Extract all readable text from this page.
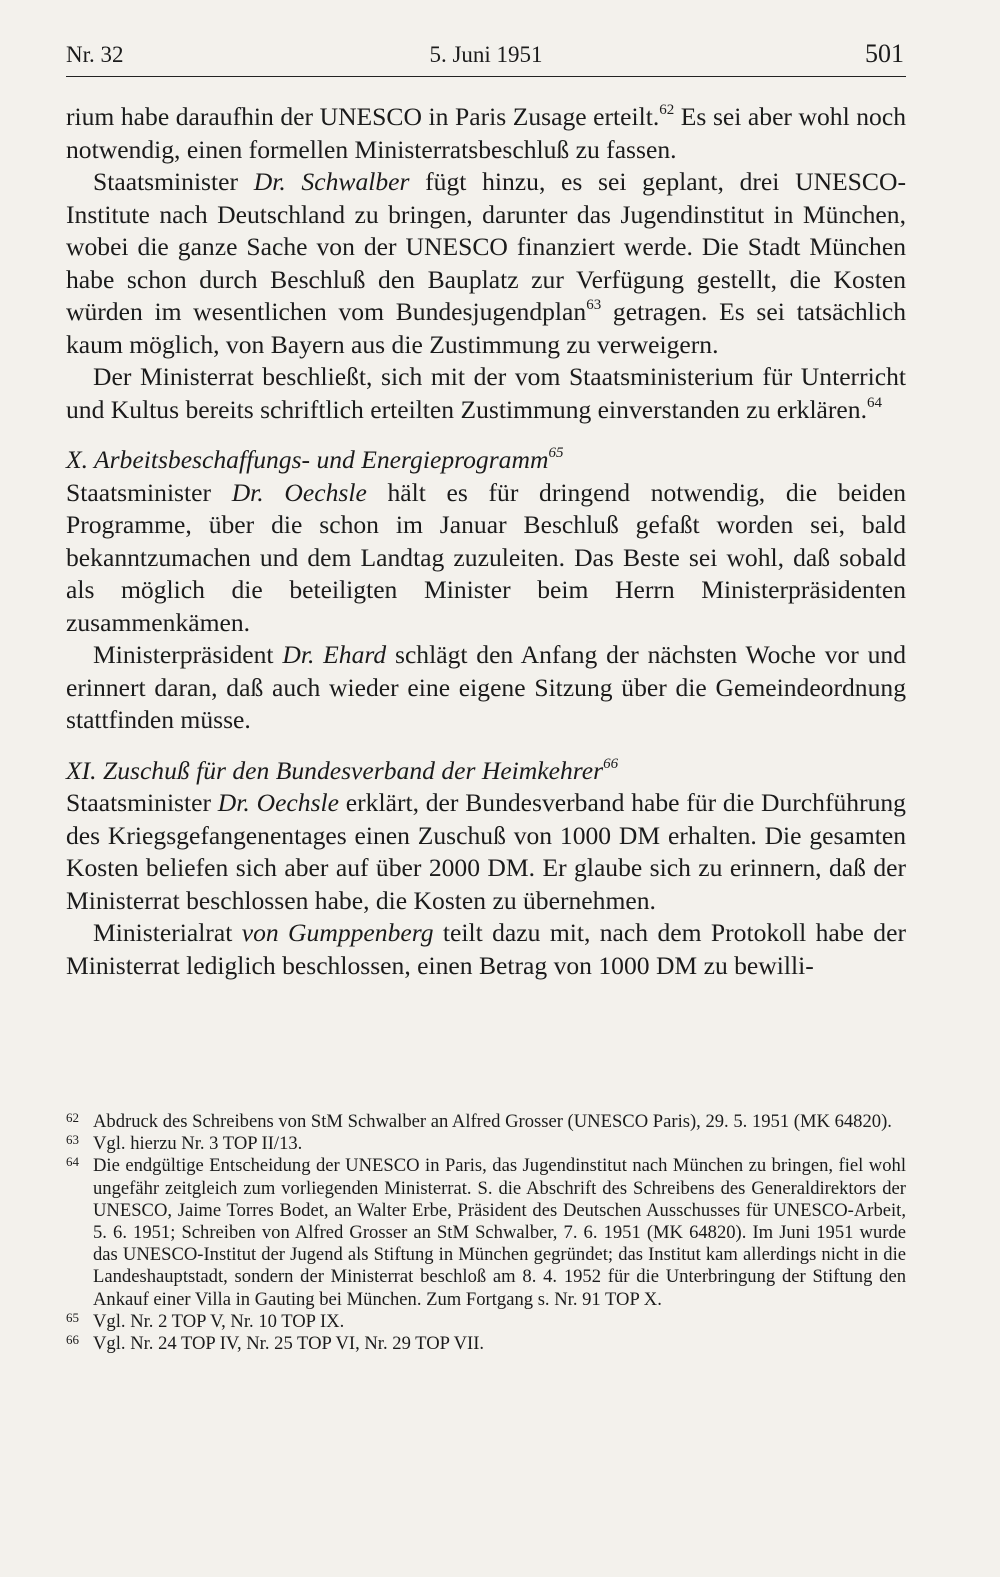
Nr. 32	5. Juni 1951	501

rium habe daraufhin der UNESCO in Paris Zusage erteilt.$^{62}$ Es sei aber wohl noch notwendig, einen formellen Ministerratsbeschluß zu fassen.

Staatsminister Dr. Schwalber fügt hinzu, es sei geplant, drei UNESCO-Institute nach Deutschland zu bringen, darunter das Jugendinstitut in München, wobei die ganze Sache von der UNESCO finanziert werde. Die Stadt München habe schon durch Beschluß den Bauplatz zur Verfügung gestellt, die Kosten würden im wesentlichen vom Bundesjugendplan$^{63}$ getragen. Es sei tatsächlich kaum möglich, von Bayern aus die Zustimmung zu verweigern.

Der Ministerrat beschließt, sich mit der vom Staatsministerium für Unterricht und Kultus bereits schriftlich erteilten Zustimmung einverstanden zu erklären.$^{64}$

X. Arbeitsbeschaffungs- und Energieprogramm$^{65}$

Staatsminister Dr. Oechsle hält es für dringend notwendig, die beiden Programme, über die schon im Januar Beschluß gefaßt worden sei, bald bekanntzumachen und dem Landtag zuzuleiten. Das Beste sei wohl, daß sobald als möglich die beteiligten Minister beim Herrn Ministerpräsidenten zusammenkämen.

Ministerpräsident Dr. Ehard schlägt den Anfang der nächsten Woche vor und erinnert daran, daß auch wieder eine eigene Sitzung über die Gemeindeordnung stattfinden müsse.

XI. Zuschuß für den Bundesverband der Heimkehrer$^{66}$

Staatsminister Dr. Oechsle erklärt, der Bundesverband habe für die Durchführung des Kriegsgefangenentages einen Zuschuß von 1000 DM erhalten. Die gesamten Kosten beliefen sich aber auf über 2000 DM. Er glaube sich zu erinnern, daß der Ministerrat beschlossen habe, die Kosten zu übernehmen.

Ministerialrat von Gumppenberg teilt dazu mit, nach dem Protokoll habe der Ministerrat lediglich beschlossen, einen Betrag von 1000 DM zu bewilli-

62 Abdruck des Schreibens von StM Schwalber an Alfred Grosser (UNESCO Paris), 29. 5. 1951 (MK 64820).

63 Vgl. hierzu Nr. 3 TOP II/13.

64 Die endgültige Entscheidung der UNESCO in Paris, das Jugendinstitut nach München zu bringen, fiel wohl ungefähr zeitgleich zum vorliegenden Ministerrat. S. die Abschrift des Schreibens des Generaldirektors der UNESCO, Jaime Torres Bodet, an Walter Erbe, Präsident des Deutschen Ausschusses für UNESCO-Arbeit, 5. 6. 1951; Schreiben von Alfred Grosser an StM Schwalber, 7. 6. 1951 (MK 64820). Im Juni 1951 wurde das UNESCO-Institut der Jugend als Stiftung in München gegründet; das Institut kam allerdings nicht in die Landeshauptstadt, sondern der Ministerrat beschloß am 8. 4. 1952 für die Unterbringung der Stiftung den Ankauf einer Villa in Gauting bei München. Zum Fortgang s. Nr. 91 TOP X.

65 Vgl. Nr. 2 TOP V, Nr. 10 TOP IX.

66 Vgl. Nr. 24 TOP IV, Nr. 25 TOP VI, Nr. 29 TOP VII.
